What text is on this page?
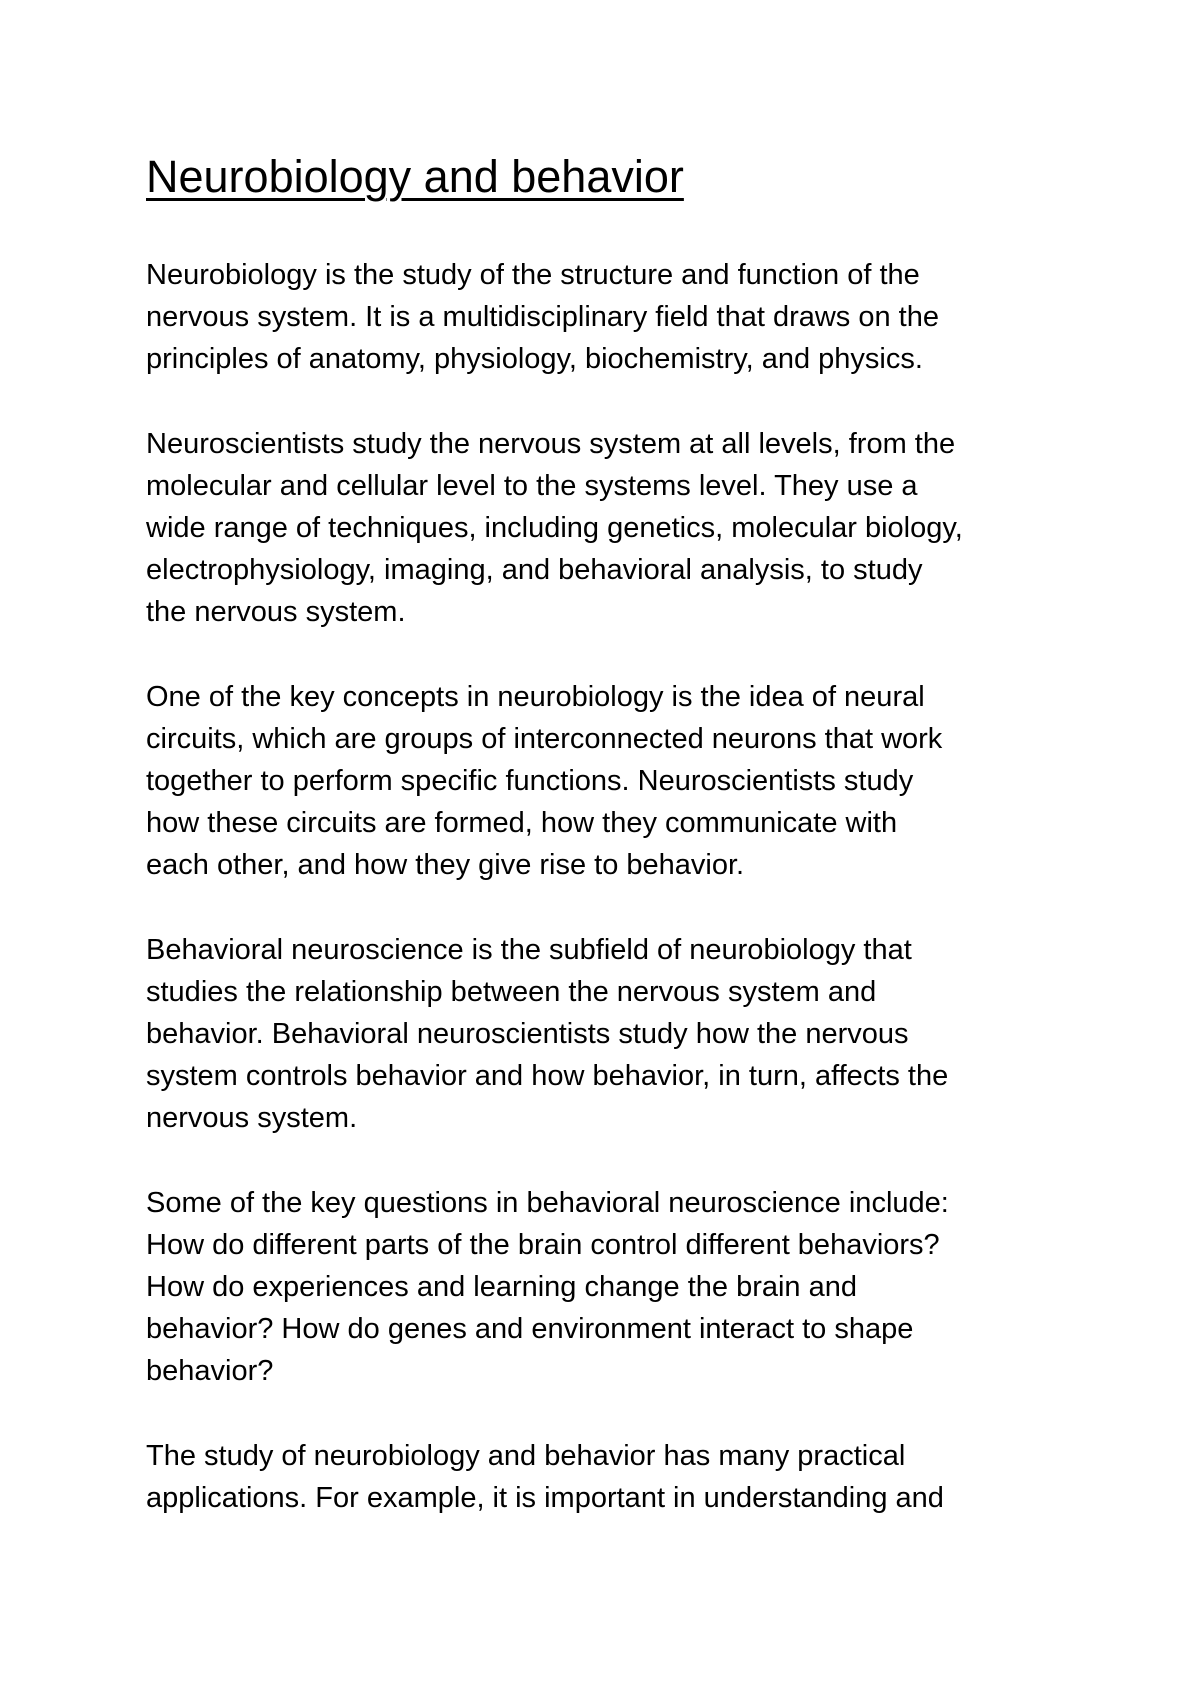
Neurobiology and behavior
Neurobiology is the study of the structure and function of the
nervous system. It is a multidisciplinary field that draws on the
principles of anatomy, physiology, biochemistry, and physics.
Neuroscientists study the nervous system at all levels, from the
molecular and cellular level to the systems level. They use a
wide range of techniques, including genetics, molecular biology,
electrophysiology, imaging, and behavioral analysis, to study
the nervous system.
One of the key concepts in neurobiology is the idea of neural
circuits, which are groups of interconnected neurons that work
together to perform specific functions. Neuroscientists study
how these circuits are formed, how they communicate with
each other, and how they give rise to behavior.
Behavioral neuroscience is the subfield of neurobiology that
studies the relationship between the nervous system and
behavior. Behavioral neuroscientists study how the nervous
system controls behavior and how behavior, in turn, affects the
nervous system.
Some of the key questions in behavioral neuroscience include:
How do different parts of the brain control different behaviors?
How do experiences and learning change the brain and
behavior? How do genes and environment interact to shape
behavior?
The study of neurobiology and behavior has many practical
applications. For example, it is important in understanding and
